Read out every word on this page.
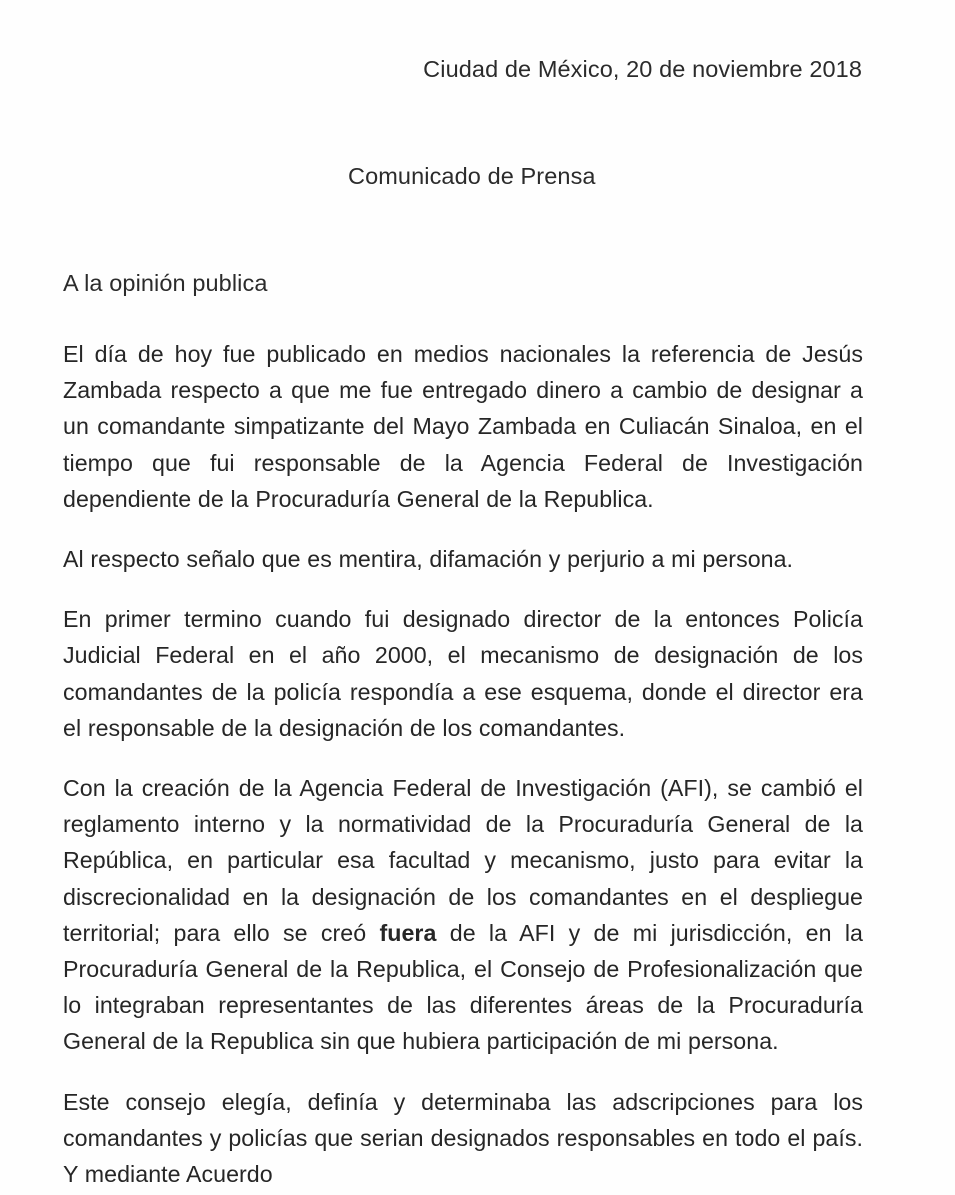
Ciudad de México, 20 de noviembre 2018
Comunicado de Prensa
A la opinión publica

El día de hoy fue publicado en medios nacionales la referencia de Jesús Zambada respecto a que me fue entregado dinero a cambio de designar a un comandante simpatizante del Mayo Zambada en Culiacán Sinaloa, en el tiempo que fui responsable de la Agencia Federal de Investigación dependiente de la Procuraduría General de la Republica.

Al respecto señalo que es mentira, difamación y perjurio a mi persona.

En primer termino cuando fui designado director de la entonces Policía Judicial Federal en el año 2000, el mecanismo de designación de los comandantes de la policía respondía a ese esquema, donde el director era el responsable de la designación de los comandantes.

Con la creación de la Agencia Federal de Investigación (AFI), se cambió el reglamento interno y la normatividad de la Procuraduría General de la República, en particular esa facultad y mecanismo, justo para evitar la discrecionalidad en la designación de los comandantes en el despliegue territorial; para ello se creó fuera de la AFI y de mi jurisdicción, en la Procuraduría General de la Republica, el Consejo de Profesionalización que lo integraban representantes de las diferentes áreas de la Procuraduría General de la Republica sin que hubiera participación de mi persona.

Este consejo elegía, definía y determinaba las adscripciones para los comandantes y policías que serian designados responsables en todo el país. Y mediante Acuerdo
